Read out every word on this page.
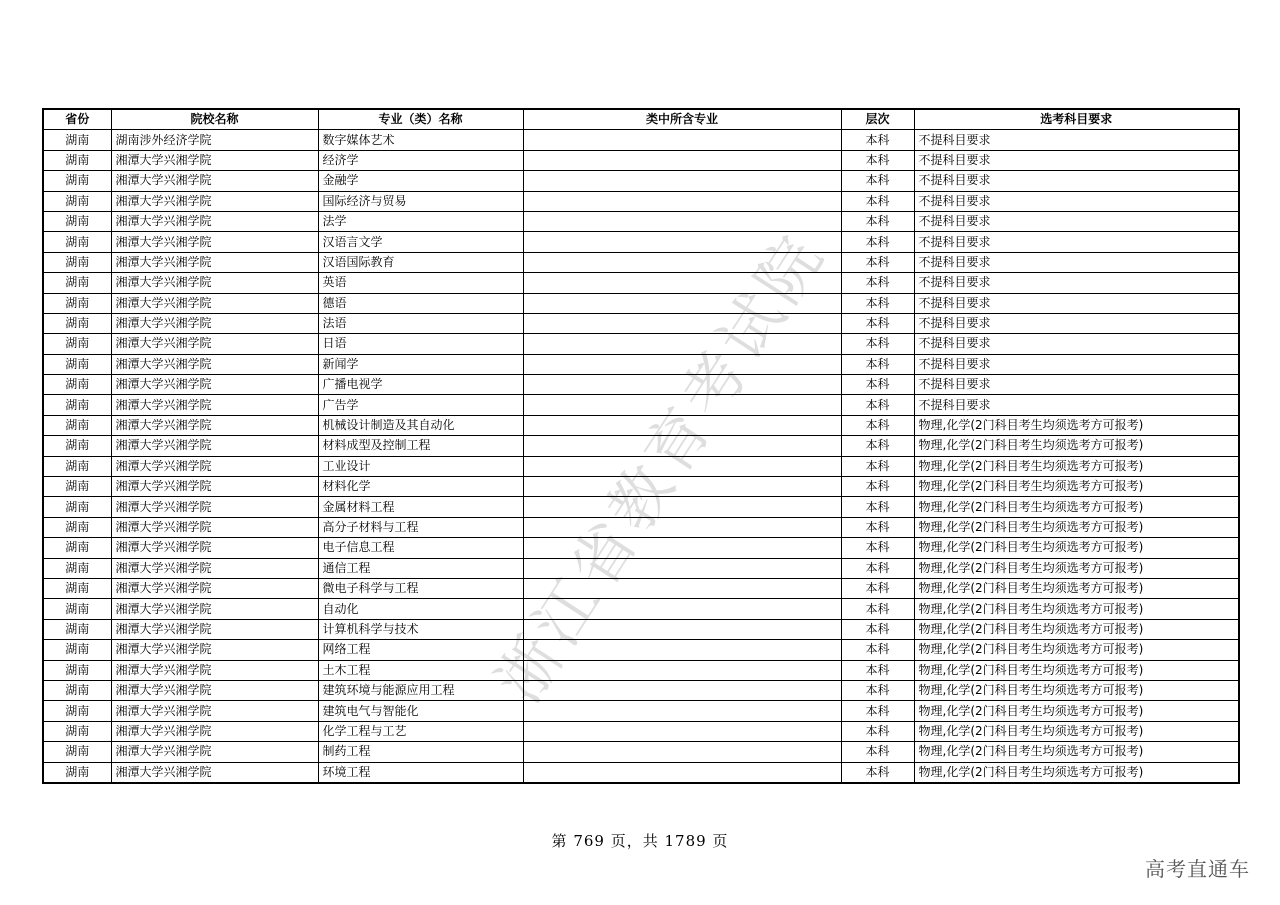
浙江省教育考试院
省份	院校名称	专业（类）名称	类中所含专业	层次	选考科目要求
湖南	湖南涉外经济学院	数字媒体艺术		本科	不提科目要求
湖南	湘潭大学兴湘学院	经济学		本科	不提科目要求
湖南	湘潭大学兴湘学院	金融学		本科	不提科目要求
湖南	湘潭大学兴湘学院	国际经济与贸易		本科	不提科目要求
湖南	湘潭大学兴湘学院	法学		本科	不提科目要求
湖南	湘潭大学兴湘学院	汉语言文学		本科	不提科目要求
湖南	湘潭大学兴湘学院	汉语国际教育		本科	不提科目要求
湖南	湘潭大学兴湘学院	英语		本科	不提科目要求
湖南	湘潭大学兴湘学院	德语		本科	不提科目要求
湖南	湘潭大学兴湘学院	法语		本科	不提科目要求
湖南	湘潭大学兴湘学院	日语		本科	不提科目要求
湖南	湘潭大学兴湘学院	新闻学		本科	不提科目要求
湖南	湘潭大学兴湘学院	广播电视学		本科	不提科目要求
湖南	湘潭大学兴湘学院	广告学		本科	不提科目要求
湖南	湘潭大学兴湘学院	机械设计制造及其自动化		本科	物理,化学(2门科目考生均须选考方可报考)
湖南	湘潭大学兴湘学院	材料成型及控制工程		本科	物理,化学(2门科目考生均须选考方可报考)
湖南	湘潭大学兴湘学院	工业设计		本科	物理,化学(2门科目考生均须选考方可报考)
湖南	湘潭大学兴湘学院	材料化学		本科	物理,化学(2门科目考生均须选考方可报考)
湖南	湘潭大学兴湘学院	金属材料工程		本科	物理,化学(2门科目考生均须选考方可报考)
湖南	湘潭大学兴湘学院	高分子材料与工程		本科	物理,化学(2门科目考生均须选考方可报考)
湖南	湘潭大学兴湘学院	电子信息工程		本科	物理,化学(2门科目考生均须选考方可报考)
湖南	湘潭大学兴湘学院	通信工程		本科	物理,化学(2门科目考生均须选考方可报考)
湖南	湘潭大学兴湘学院	微电子科学与工程		本科	物理,化学(2门科目考生均须选考方可报考)
湖南	湘潭大学兴湘学院	自动化		本科	物理,化学(2门科目考生均须选考方可报考)
湖南	湘潭大学兴湘学院	计算机科学与技术		本科	物理,化学(2门科目考生均须选考方可报考)
湖南	湘潭大学兴湘学院	网络工程		本科	物理,化学(2门科目考生均须选考方可报考)
湖南	湘潭大学兴湘学院	土木工程		本科	物理,化学(2门科目考生均须选考方可报考)
湖南	湘潭大学兴湘学院	建筑环境与能源应用工程		本科	物理,化学(2门科目考生均须选考方可报考)
湖南	湘潭大学兴湘学院	建筑电气与智能化		本科	物理,化学(2门科目考生均须选考方可报考)
湖南	湘潭大学兴湘学院	化学工程与工艺		本科	物理,化学(2门科目考生均须选考方可报考)
湖南	湘潭大学兴湘学院	制药工程		本科	物理,化学(2门科目考生均须选考方可报考)
湖南	湘潭大学兴湘学院	环境工程		本科	物理,化学(2门科目考生均须选考方可报考)
第 769 页，共 1789 页
高考直通车
